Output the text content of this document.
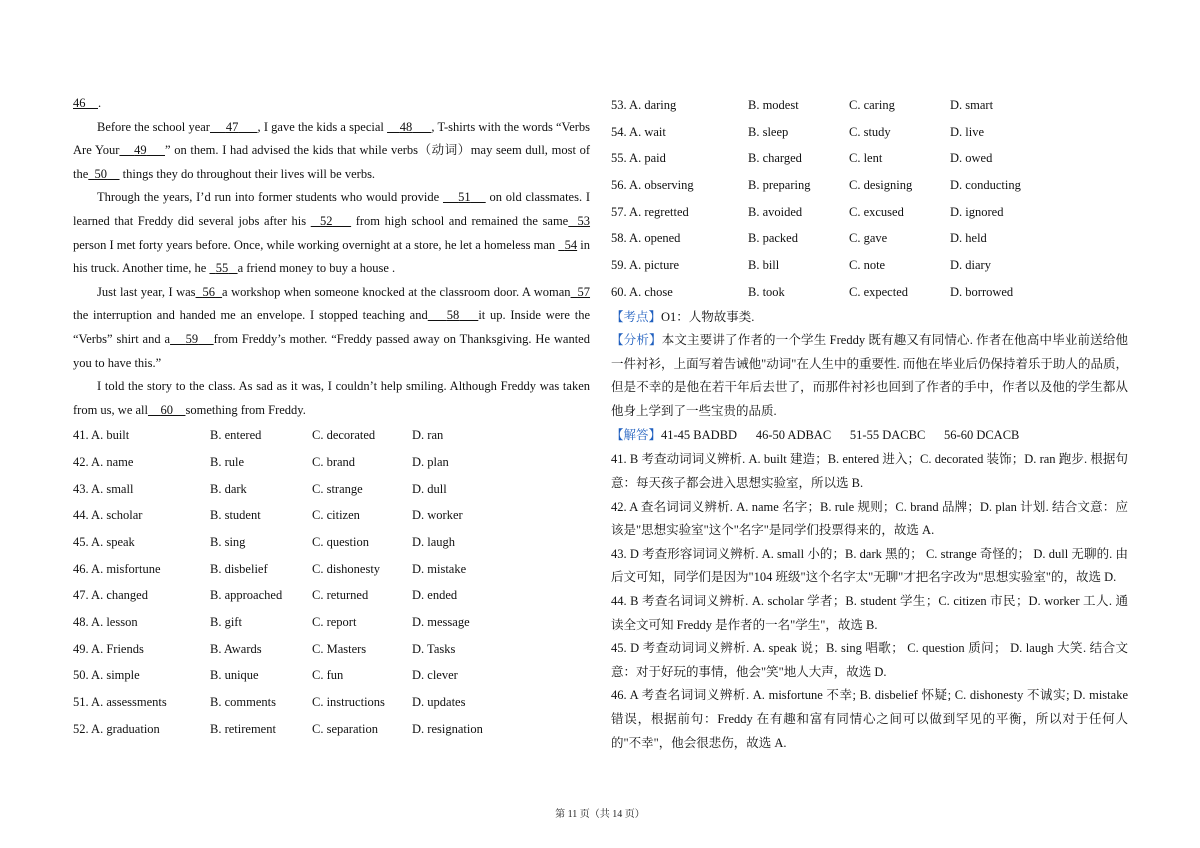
46 .

Before the school year 47 , I gave the kids a special 48 , T-shirts with the words “Verbs Are Your 49 ” on them. I had advised the kids that while verbs（动词）may seem dull, most of the 50 things they do throughout their lives will be verbs.

Through the years, I’d run into former students who would provide 51 on old classmates. I learned that Freddy did several jobs after his 52 from high school and remained the same 53 person I met forty years before. Once, while working overnight at a store, he let a homeless man 54 in his truck. Another time, he 55 a friend money to buy a house .

Just last year, I was 56 a workshop when someone knocked at the classroom door. A woman 57 the interruption and handed me an envelope. I stopped teaching and 58 it up. Inside were the “Verbs” shirt and a 59 from Freddy’s mother. “Freddy passed away on Thanksgiving. He wanted you to have this.”

I told the story to the class. As sad as it was, I couldn’t help smiling. Although Freddy was taken from us, we all 60 something from Freddy.

41. A. built	B. entered	C. decorated	D. ran
42. A. name	B. rule	C. brand	D. plan
43. A. small	B. dark	C. strange	D. dull
44. A. scholar	B. student	C. citizen	D. worker
45. A. speak	B. sing	C. question	D. laugh
46. A. misfortune	B. disbelief	C. dishonesty	D. mistake
47. A. changed	B. approached	C. returned	D. ended
48. A. lesson	B. gift	C. report	D. message
49. A. Friends	B. Awards	C. Masters	D. Tasks
50. A. simple	B. unique	C. fun	D. clever
51. A. assessments	B. comments	C. instructions	D. updates
52. A. graduation	B. retirement	C. separation	D. resignation
53. A. daring	B. modest	C. caring	D. smart
54. A. wait	B. sleep	C. study	D. live
55. A. paid	B. charged	C. lent	D. owed
56. A. observing	B. preparing	C. designing	D. conducting
57. A. regretted	B. avoided	C. excused	D. ignored
58. A. opened	B. packed	C. gave	D. held
59. A. picture	B. bill	C. note	D. diary
60. A. chose	B. took	C. expected	D. borrowed

【考点】O1：人物故事类.

【分析】本文主要讲了作者的一个学生 Freddy 既有趣又有同情心. 作者在他高中毕业前送给他一件衬衫，上面写着告诫他"动词"在人生中的重要性. 而他在毕业后仍保持着乐于助人的品质，但是不幸的是他在若干年后去世了，而那件衬衫也回到了作者的手中，作者以及他的学生都从他身上学到了一些宝贵的品质.

【解答】41-45 BADBD 46-50 ADBAC 51-55 DACBC 56-60 DCACB

41. B 考查动词词义辨析. A. built 建造；B. entered 进入；C. decorated 装饰；D. ran 跑步. 根据句意：每天孩子都会进入思想实验室，所以选 B.

42. A 查名词词义辨析. A. name 名字；B. rule 规则；C. brand 品牌；D. plan 计划. 结合文意：应该是"思想实验室"这个"名字"是同学们投票得来的，故选 A.

43. D 考查形容词词义辨析. A. small 小的；B. dark 黑的； C. strange 奇怪的； D. dull 无聊的. 由后文可知，同学们是因为"104 班级"这个名字太"无聊"才把名字改为"思想实验室"的，故选 D.

44. B 考查名词词义辨析. A. scholar 学者；B. student 学生；C. citizen 市民；D. worker 工人. 通读全文可知 Freddy 是作者的一名"学生"，故选 B.

45. D 考查动词词义辨析. A. speak 说；B. sing 唱歌； C. question 质问； D. laugh 大笑. 结合文意：对于好玩的事情，他会"笑"地人大声，故选 D.

46. A 考查名词词义辨析. A. misfortune 不幸; B. disbelief 怀疑; C. dishonesty 不诚实; D. mistake 错误，根据前句：Freddy 在有趣和富有同情心之间可以做到罕见的平衡，所以对于任何人的"不幸"，他会很悲伤，故选 A.

第 11 页（共 14 页）
